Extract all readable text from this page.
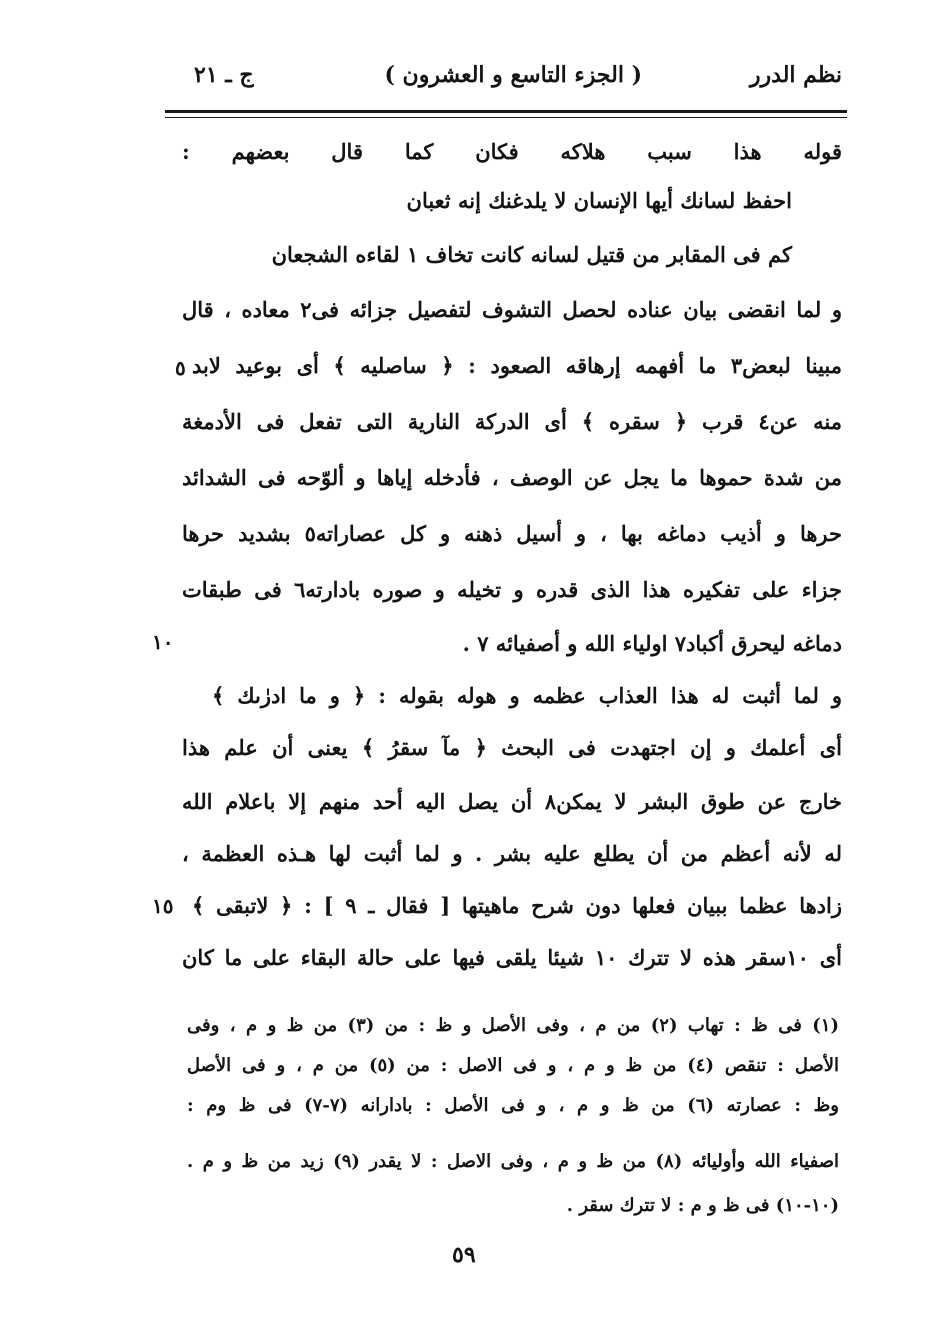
نظم الدرر
( الجزء التاسع و العشرون )
ج ـ ٢١
قوله هذا سبب هلاكه فكان كما قال بعضهم :
احفظ لسانك أيها الإنسان لا يلدغنك إنه ثعبان
كم فى المقابر من قتيل لسانه كانت تخاف ١ لقاءه الشجعان
و لما انقضى بيان عناده لحصل التشوف لتفصيل جزائه فى٢ معاده ، قال
مبينا لبعض٣ ما أفهمه إرهاقه الصعود : ﴿ ساصليه ﴾ أى بوعيد لابد
منه عن٤ قرب ﴿ سقره ﴾ أى الدركة النارية التى تفعل فى الأدمغة
من شدة حموها ما يجل عن الوصف ، فأدخله إياها و ألوّحه فى الشدائد
حرها و أذيب دماغه بها ، و أسيل ذهنه و كل عصاراته٥ بشديد حرها
جزاء على تفكيره هذا الذى قدره و تخيله و صوره بادارته٦ فى طبقات
دماغه ليحرق أكباد٧ اولياء الله و أصفيائه ٧ .
و لما أثبت له هذا العذاب عظمه و هوله بقوله : ﴿ و ما ادرٰىك ﴾
أى أعلمك و إن اجتهدت فى البحث ﴿ مآ سقرُ ﴾ يعنى أن علم هذا
خارج عن طوق البشر لا يمكن٨ أن يصل اليه أحد منهم إلا باعلام الله
له لأنه أعظم من أن يطلع عليه بشر . و لما أثبت لها هـذه العظمة ،
زادها عظما ببيان فعلها دون شرح ماهيتها [ فقال ـ ٩ ] : ﴿ لاتبقى ﴾
أى ١٠سقر هذه لا تترك ١٠ شيئا يلقى فيها على حالة البقاء على ما كان
٥
١٠
١٥
(١) فى ظ : تهاب (٢) من م ، وفى الأصل و ظ : من (٣) من ظ و م ، وفى
الأصل : تنقص (٤) من ظ و م ، و فى الاصل : من (٥) من م ، و فى الأصل
وظ : عصارته (٦) من ظ و م ، و فى الأصل : بادارانه (٧-٧) فى ظ وم :
اصفياء الله وأوليائه (٨) من ظ و م ، وفى الاصل : لا يقدر (٩) زيد من ظ و م .
(١٠-١٠) فى ظ و م : لا تترك سقر .
٥٩
